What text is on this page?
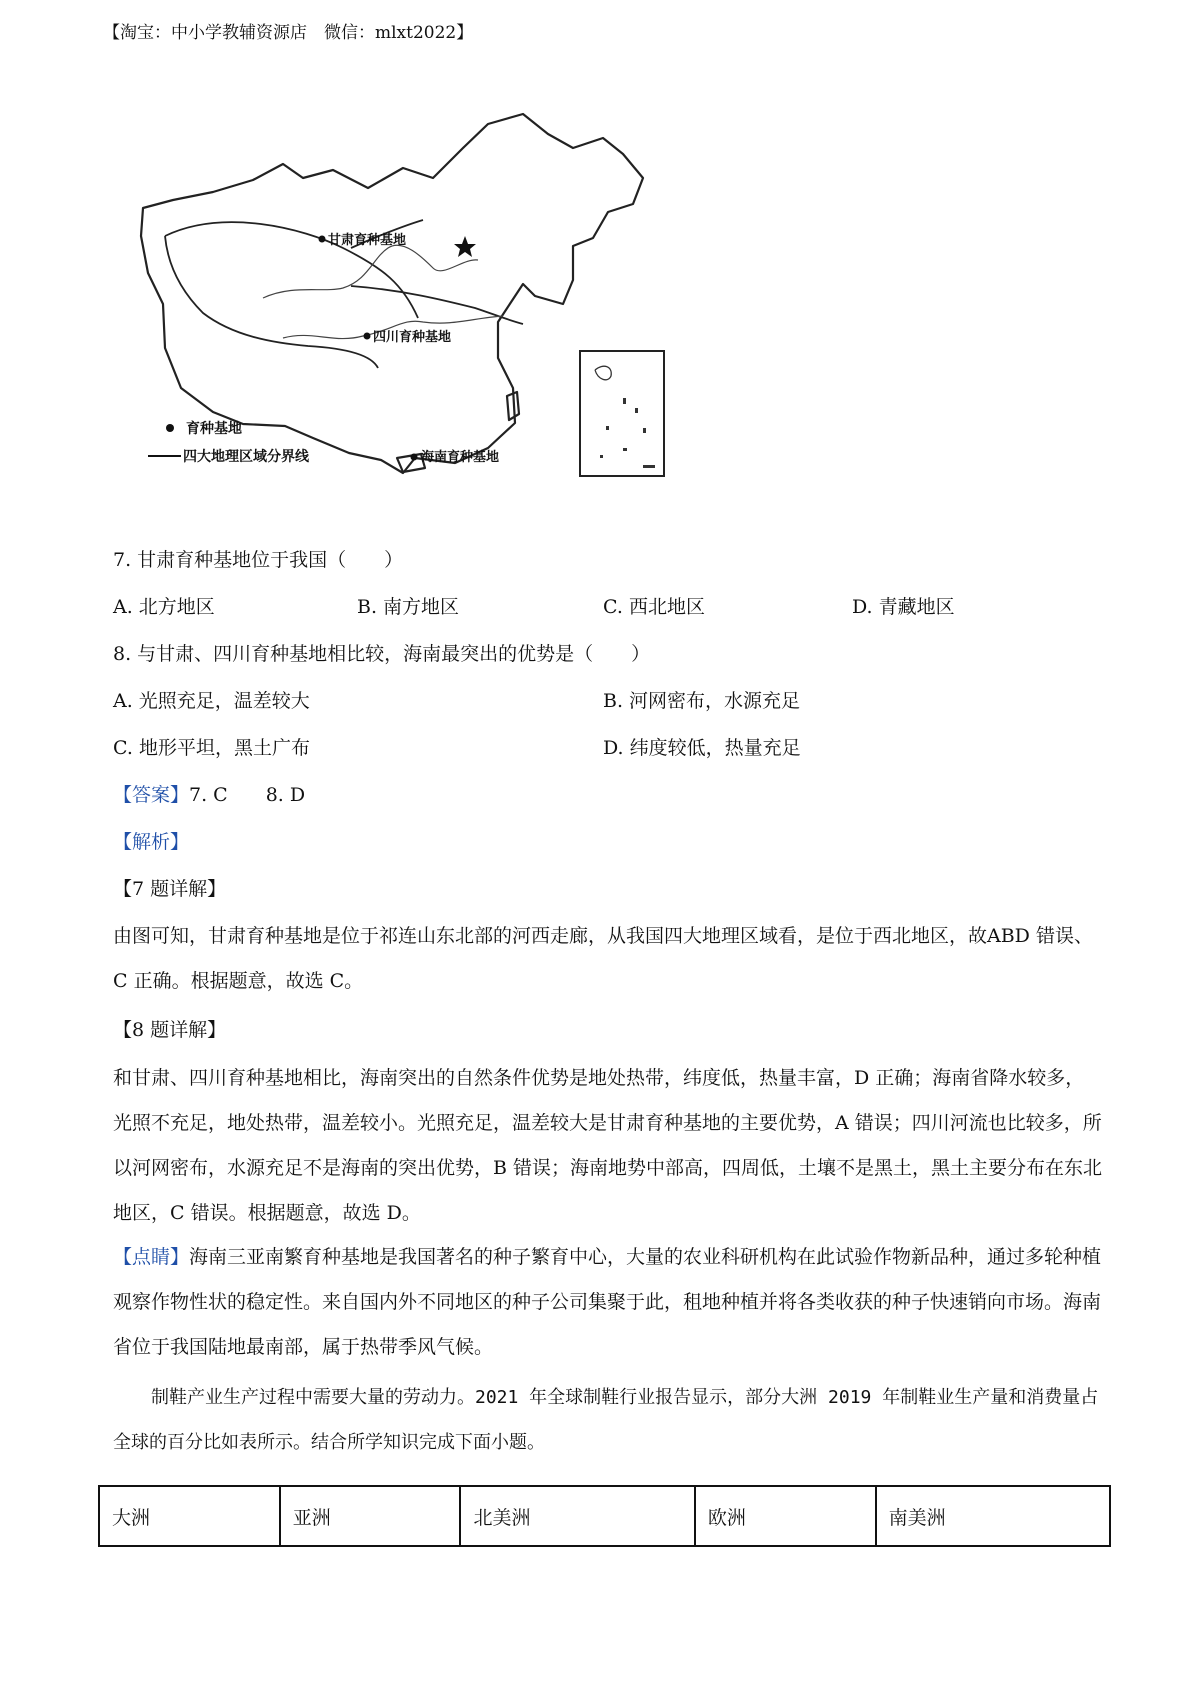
【淘宝：中小学教辅资源店　微信：mlxt2022】
甘肃育种基地
四川育种基地
海南育种基地
育种基地
四大地理区域分界线
7. 甘肃育种基地位于我国（　　）
A. 北方地区	B. 南方地区	C. 西北地区	D. 青藏地区
8. 与甘肃、四川育种基地相比较，海南最突出的优势是（　　）
A. 光照充足，温差较大	B. 河网密布，水源充足
C. 地形平坦，黑土广布	D. 纬度较低，热量充足
【答案】7. C　　8. D
【解析】
【7 题详解】
由图可知，甘肃育种基地是位于祁连山东北部的河西走廊，从我国四大地理区域看，是位于西北地区，故ABD 错误、C 正确。根据题意，故选 C。
【8 题详解】
和甘肃、四川育种基地相比，海南突出的自然条件优势是地处热带，纬度低，热量丰富，D 正确；海南省降水较多，光照不充足，地处热带，温差较小。光照充足，温差较大是甘肃育种基地的主要优势，A 错误；四川河流也比较多，所以河网密布，水源充足不是海南的突出优势，B 错误；海南地势中部高，四周低，土壤不是黑土，黑土主要分布在东北地区，C 错误。根据题意，故选 D。
【点睛】海南三亚南繁育种基地是我国著名的种子繁育中心，大量的农业科研机构在此试验作物新品种，通过多轮种植观察作物性状的稳定性。来自国内外不同地区的种子公司集聚于此，租地种植并将各类收获的种子快速销向市场。海南省位于我国陆地最南部，属于热带季风气候。
制鞋产业生产过程中需要大量的劳动力。2021 年全球制鞋行业报告显示，部分大洲 2019 年制鞋业生产量和消费量占全球的百分比如表所示。结合所学知识完成下面小题。
大洲	亚洲	北美洲	欧洲	南美洲
